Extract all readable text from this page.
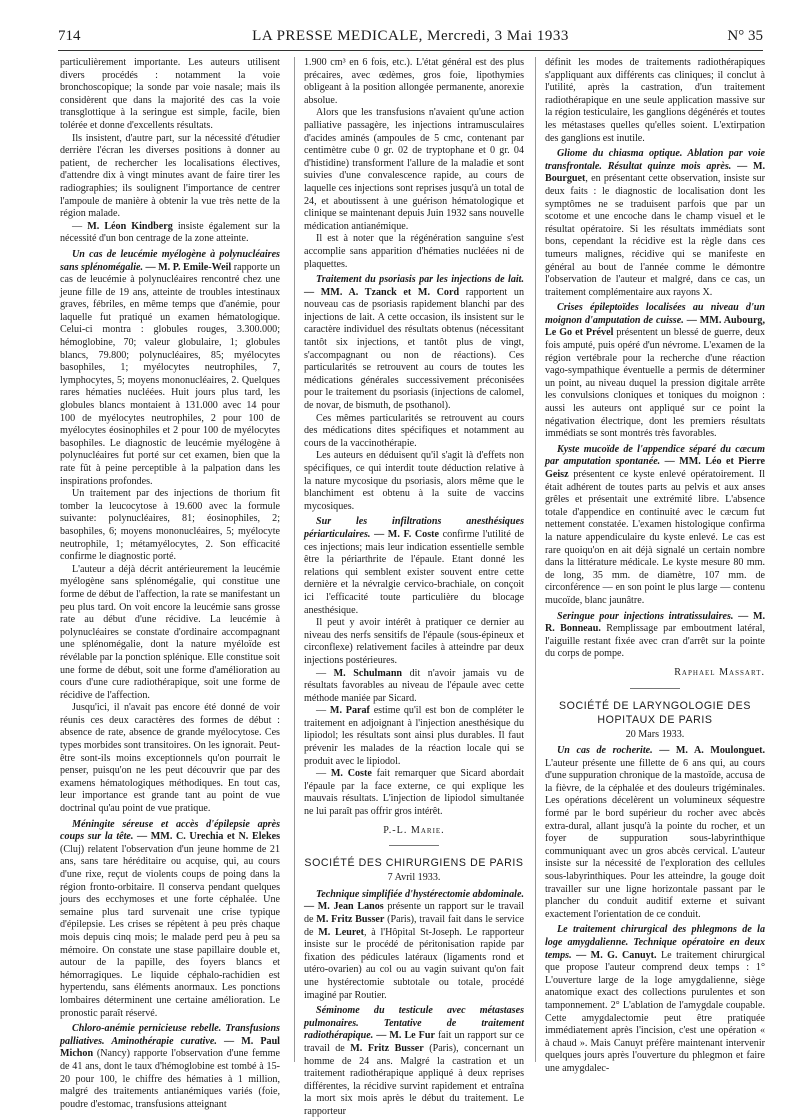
714	LA PRESSE MEDICALE, Mercredi, 3 Mai 1933	N° 35

particulièrement importante. Les auteurs utilisent divers procédés : notamment la voie bronchoscopique; la sonde par voie nasale; mais ils considèrent que dans la majorité des cas la voie transglottique à la seringue est simple, facile, bien tolérée et donne d'excellents résultats.

Ils insistent, d'autre part, sur la nécessité d'étudier derrière l'écran les diverses positions à donner au patient, de rechercher les localisations électives, d'attendre dix à vingt minutes avant de faire tirer les radiographies; ils soulignent l'importance de centrer l'ampoule de manière à obtenir la vue très nette de la région malade.

— M. Léon Kindberg insiste également sur la nécessité d'un bon centrage de la zone atteinte.

Un cas de leucémie myélogène à polynucléaires sans splénomégalie. — M. P. Emile-Weil rapporte un cas de leucémie à polynucléaires rencontré chez une jeune fille de 19 ans, atteinte de troubles intestinaux graves, fébriles, en même temps que d'anémie, pour laquelle fut pratiqué un examen hématologique. Celui-ci montra : globules rouges, 3.300.000; hémoglobine, 70; valeur globulaire, 1; globules blancs, 79.800; polynucléaires, 85; myélocytes basophiles, 1; myélocytes neutrophiles, 7, lymphocytes, 5; moyens mononucléaires, 2. Quelques rares hématies nucléées. Huit jours plus tard, les globules blancs montaient à 131.000 avec 14 pour 100 de myélocytes neutrophiles, 2 pour 100 de myélocytes éosinophiles et 2 pour 100 de myélocytes basophiles. Le diagnostic de leucémie myélogène à polynucléaires fut porté sur cet examen, bien que la rate fût à peine perceptible à la palpation dans les inspirations profondes.

Un traitement par des injections de thorium fit tomber la leucocytose à 19.600 avec la formule suivante: polynucléaires, 81; éosinophiles, 2; basophiles, 6; moyens mononucléaires, 5; myélocyte neutrophile, 1; métamyélocytes, 2. Son efficacité confirme le diagnostic porté.

L'auteur a déjà décrit antérieurement la leucémie myélogène sans splénomégalie, qui constitue une forme de début de l'affection, la rate se manifestant un peu plus tard. On voit encore la leucémie sans grosse rate au début d'une récidive. La leucémie à polynucléaires se constate d'ordinaire accompagnant une splénomégalie, dont la nature myéloïde est révélable par la ponction splénique. Elle constitue soit une forme de début, soit une forme d'amélioration au cours d'une cure radiothérapique, soit une forme de récidive de l'affection.

Jusqu'ici, il n'avait pas encore été donné de voir réunis ces deux caractères des formes de début : absence de rate, absence de grande myélocytose. Ces types morbides sont transitoires. On les ignorait. Peut-être sont-ils moins exceptionnels qu'on pourrait le penser, puisqu'on ne les peut découvrir que par des examens hématologiques méthodiques. En tout cas, leur importance est grande tant au point de vue doctrinal qu'au point de vue pratique.

Méningite séreuse et accès d'épilepsie après coups sur la tête. — MM. C. Urechia et N. Elekes (Cluj) relatent l'observation d'un jeune homme de 21 ans, sans tare héréditaire ou acquise, qui, au cours d'une rixe, reçut de violents coups de poing dans la région fronto-orbitaire. Il conserva pendant quelques jours des ecchymoses et une forte céphalée. Une semaine plus tard survenait une crise typique d'épilepsie. Les crises se répètent à peu près chaque mois depuis cinq mois; le malade perd peu à peu sa mémoire. On constate une stase papillaire double et, autour de la papille, des foyers blancs et hémorragiques. Le liquide céphalo-rachidien est hypertendu, sans éléments anormaux. Les ponctions lombaires déterminent une certaine amélioration. Le pronostic paraît réservé.

Chloro-anémie pernicieuse rebelle. Transfusions palliatives. Aminothérapie curative. — M. Paul Michon (Nancy) rapporte l'observation d'une femme de 41 ans, dont le taux d'hémoglobine est tombé à 15-20 pour 100, le chiffre des hématies à 1 million, malgré des traitements antianémiques variés (foie, poudre d'estomac, transfusions atteignant

1.900 cm³ en 6 fois, etc.). L'état général est des plus précaires, avec œdèmes, gros foie, lipothymies obligeant à la position allongée permanente, anorexie absolue.

Alors que les transfusions n'avaient qu'une action palliative passagère, les injections intramusculaires d'acides aminés (ampoules de 5 cmc, contenant par centimètre cube 0 gr. 02 de tryptophane et 0 gr. 04 d'histidine) transforment l'allure de la maladie et sont suivies d'une convalescence rapide, au cours de laquelle ces injections sont reprises jusqu'à un total de 24, et aboutissent à une guérison hématologique et clinique se maintenant depuis Juin 1932 sans nouvelle médication antianémique.

Il est à noter que la régénération sanguine s'est accomplie sans apparition d'hématies nucléées ni de plaquettes.

Traitement du psoriasis par les injections de lait. — MM. A. Tzanck et M. Cord rapportent un nouveau cas de psoriasis rapidement blanchi par des injections de lait. A cette occasion, ils insistent sur le caractère individuel des résultats obtenus (nécessitant tantôt six injections, et tantôt plus de vingt, s'accompagnant ou non de réactions). Ces particularités se retrouvent au cours de toutes les médications générales successivement préconisées pour le traitement du psoriasis (injections de calomel, de novar, de bismuth, de psothanol).

Ces mêmes particularités se retrouvent au cours des médications dites spécifiques et notamment au cours de la vaccinothérapie.

Les auteurs en déduisent qu'il s'agit là d'effets non spécifiques, ce qui interdit toute déduction relative à la nature mycosique du psoriasis, alors même que le blanchiment est obtenu à la suite de vaccins mycosiques.

Sur les infiltrations anesthésiques périarticulaires. — M. F. Coste confirme l'utilité de ces injections; mais leur indication essentielle semble être la périarthrite de l'épaule. Etant donné les relations qui semblent exister souvent entre cette dernière et la névralgie cervico-brachiale, on conçoit ici l'efficacité toute particulière du blocage anesthésique.

Il peut y avoir intérêt à pratiquer ce dernier au niveau des nerfs sensitifs de l'épaule (sous-épineux et circonflexe) relativement faciles à atteindre par deux injections postérieures.

— M. Schulmann dit n'avoir jamais vu de résultats favorables au niveau de l'épaule avec cette méthode maniée par Sicard.

— M. Paraf estime qu'il est bon de compléter le traitement en adjoignant à l'injection anesthésique du lipiodol; les résultats sont ainsi plus durables. Il faut prévenir les malades de la réaction locale qui se produit avec le lipiodol.

— M. Coste fait remarquer que Sicard abordait l'épaule par la face externe, ce qui explique les mauvais résultats. L'injection de lipiodol simultanée ne lui paraît pas offrir gros intérêt.

P.-L. Marie.
SOCIÉTÉ DES CHIRURGIENS DE PARIS
7 Avril 1933.

Technique simplifiée d'hystérectomie abdominale. — M. Jean Lanos présente un rapport sur le travail de M. Fritz Busser (Paris), travail fait dans le service de M. Leuret, à l'Hôpital St-Joseph. Le rapporteur insiste sur le procédé de péritonisation rapide par fixation des pédicules latéraux (ligaments rond et utéro-ovarien) au col ou au vagin suivant qu'on fait une hystérectomie subtotale ou totale, procédé imaginé par Routier.

Séminome du testicule avec métastases pulmonaires. Tentative de traitement radiothérapique. — M. Le Fur fait un rapport sur ce travail de M. Fritz Busser (Paris), concernant un homme de 24 ans. Malgré la castration et un traitement radiothérapique appliqué à deux reprises différentes, la récidive survint rapidement et entraîna la mort six mois après le début du traitement. Le rapporteur

définit les modes de traitements radiothérapiques s'appliquant aux différents cas cliniques; il conclut à l'utilité, après la castration, d'un traitement radiothérapique en une seule application massive sur la région testiculaire, les ganglions dégénérés et toutes les métastases quelles qu'elles soient. L'extirpation des ganglions est inutile.

Gliome du chiasma optique. Ablation par voie transfrontale. Résultat quinze mois après. — M. Bourguet, en présentant cette observation, insiste sur deux faits : le diagnostic de localisation dont les symptômes ne se traduisent parfois que par un scotome et une encoche dans le champ visuel et le résultat opératoire. Si les résultats immédiats sont bons, cependant la récidive est la règle dans ces tumeurs malignes, récidive qui se manifeste en général au bout de l'année comme le démontre l'observation de l'auteur et malgré, dans ce cas, un traitement complémentaire aux rayons X.

Crises épileptoïdes localisées au niveau d'un moignon d'amputation de cuisse. — MM. Aubourg, Le Go et Prével présentent un blessé de guerre, deux fois amputé, puis opéré d'un névrome. L'examen de la région vertébrale pour la recherche d'une réaction vago-sympathique éventuelle a permis de déterminer un point, au niveau duquel la pression digitale arrête les convulsions cloniques et toniques du moignon : aussi les auteurs ont appliqué sur ce point la négativation électrique, dont les premiers résultats immédiats se sont montrés très favorables.

Kyste mucoïde de l'appendice séparé du cæcum par amputation spontanée. — MM. Léo et Pierre Geisz présentent ce kyste enlevé opératoirement. Il était adhérent de toutes parts au pelvis et aux anses grêles et présentait une extrémité libre. L'absence totale d'appendice en continuité avec le cæcum fut nettement constatée. L'examen histologique confirma la nature appendiculaire du kyste enlevé. Le cas est rare quoiqu'on en ait déjà signalé un certain nombre dans la littérature médicale. Le kyste mesure 80 mm. de long, 35 mm. de diamètre, 107 mm. de circonférence — en son point le plus large — contenu mucoïde, blanc jaunâtre.

Seringue pour injections intratissulaires. — M. R. Bonneau. Remplissage par emboutment latéral, l'aiguille restant fixée avec cran d'arrêt sur la pointe du corps de pompe.

Raphael Massart.
SOCIÉTÉ DE LARYNGOLOGIE DES HOPITAUX DE PARIS
20 Mars 1933.

Un cas de rocherite. — M. A. Moulonguet. L'auteur présente une fillette de 6 ans qui, au cours d'une suppuration chronique de la mastoïde, accusa de la fièvre, de la céphalée et des douleurs trigéminales. Les opérations décelèrent un volumineux séquestre formé par le bord supérieur du rocher avec abcès extra-dural, allant jusqu'à la pointe du rocher, et un foyer de suppuration sous-labyrinthique communiquant avec un gros abcès cervical. L'auteur insiste sur la nécessité de l'exploration des cellules sous-labyrinthiques. Pour les atteindre, la gouge doit travailler sur une ligne horizontale passant par le plancher du conduit auditif externe et suivant exactement l'orientation de ce conduit.

Le traitement chirurgical des phlegmons de la loge amygdalienne. Technique opératoire en deux temps. — M. G. Canuyt. Le traitement chirurgical que propose l'auteur comprend deux temps : 1° L'ouverture large de la loge amygdalienne, siège anatomique exact des collections purulentes et son tamponnement. 2° L'ablation de l'amygdale coupable. Cette amygdalectomie peut être pratiquée immédiatement après l'incision, c'est une opération « à chaud ». Mais Canuyt préfère maintenant intervenir quelques jours après l'ouverture du phlegmon et faire une amygdalec-
